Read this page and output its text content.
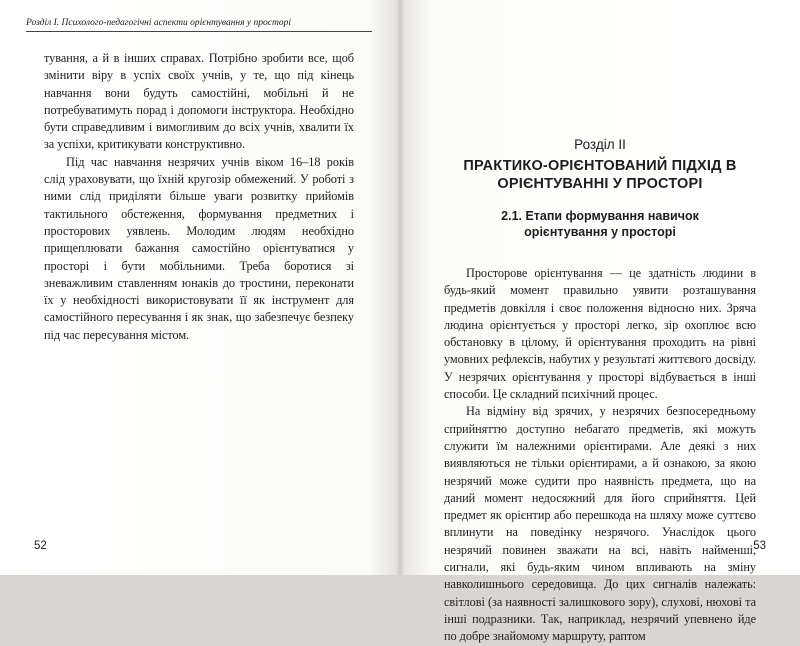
Розділ I. Психолого-педагогічні аспекти орієнтування у просторі

тування, а й в інших справах. Потрібно зробити все, щоб змінити віру в успіх своїх учнів, у те, що під кінець навчання вони будуть самостійні, мобільні й не потребуватимуть порад і допомоги інструктора. Необхідно бути справедливим і вимогливим до всіх учнів, хвалити їх за успіхи, критикувати конструктивно.

Під час навчання незрячих учнів віком 16–18 років слід ураховувати, що їхній кругозір обмежений. У роботі з ними слід приділяти більше уваги розвитку прийомів тактильного обстеження, формування предметних і просторових уявлень. Молодим людям необхідно прищеплювати бажання самостійно орієнтуватися у просторі і бути мобільними. Треба боротися зі зневажливим ставленням юнаків до тростини, переконати їх у необхідності використовувати її як інструмент для самостійного пересування і як знак, що забезпечує безпеку під час пересування містом.

52
Розділ II
ПРАКТИКО-ОРІЄНТОВАНИЙ ПІДХІД В ОРІЄНТУВАННІ У ПРОСТОРІ
2.1. Етапи формування навичок орієнтування у просторі

Просторове орієнтування — це здатність людини в будь-який момент правильно уявити розташування предметів довкілля і своє положення відносно них. Зряча людина орієнтується у просторі легко, зір охоплює всю обстановку в цілому, й орієнтування проходить на рівні умовних рефлексів, набутих у результаті життєвого досвіду. У незрячих орієнтування у просторі відбувається в інші способи. Це складний психічний процес.

На відміну від зрячих, у незрячих безпосередньому сприйняттю доступно небагато предметів, які можуть служити їм належними орієнтирами. Але деякі з них виявляються не тільки орієнтирами, а й ознакою, за якою незрячий може судити про наявність предмета, що на даний момент недосяжний для його сприйняття. Цей предмет як орієнтир або перешкода на шляху може суттєво вплинути на поведінку незрячого. Унаслідок цього незрячий повинен зважати на всі, навіть найменші, сигнали, які будь-яким чином впливають на зміну навколишнього середовища. До цих сигналів належать: світлові (за наявності залишкового зору), слухові, нюхові та інші подразники. Так, наприклад, незрячий упевнено йде по добре знайомому маршруту, раптом

53
